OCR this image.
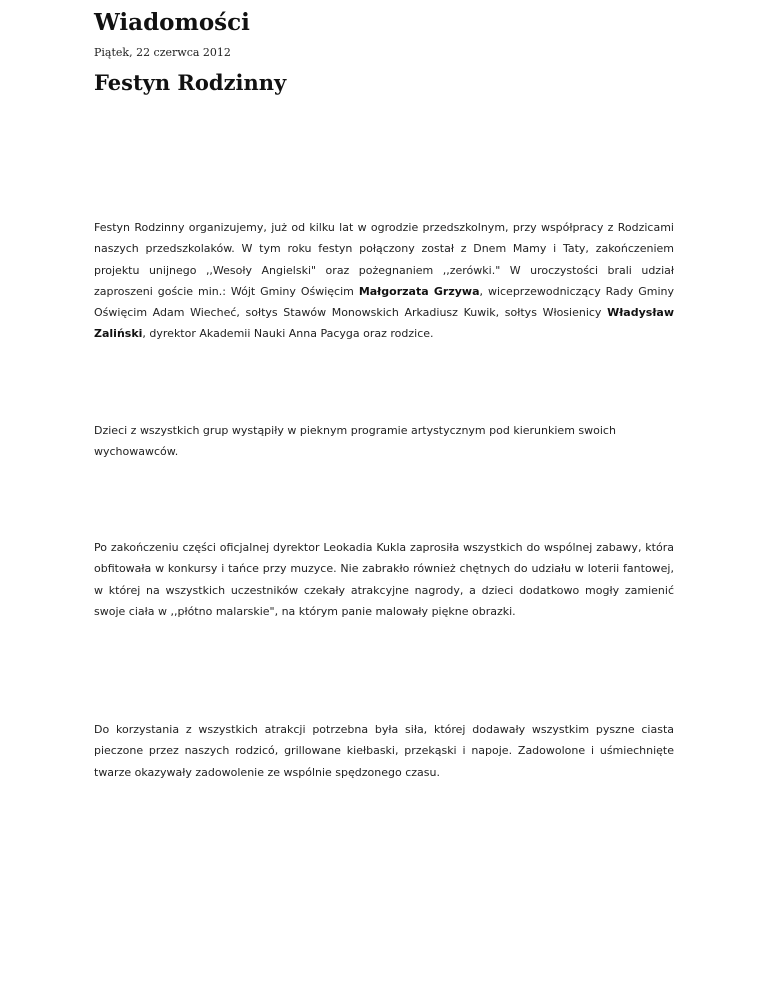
Wiadomości
Piątek, 22 czerwca 2012
Festyn Rodzinny

Festyn Rodzinny organizujemy, już od kilku lat w ogrodzie przedszkolnym, przy współpracy z Rodzicami naszych przedszkolaków. W tym roku festyn połączony został z Dnem Mamy i Taty, zakończeniem projektu unijnego ,,Wesoły Angielski" oraz pożegnaniem ,,zerówki." W uroczystości brali udział zaproszeni goście min.: Wójt Gminy Oświęcim Małgorzata Grzywa, wiceprzewodniczący Rady Gminy Oświęcim Adam Wiecheć, sołtys Stawów Monowskich Arkadiusz Kuwik, sołtys Włosienicy Władysław Zaliński, dyrektor Akademii Nauki Anna Pacyga oraz rodzice.

Dzieci z wszystkich grup wystąpiły w pieknym programie artystycznym pod kierunkiem swoich wychowawców.

Po zakończeniu części oficjalnej dyrektor Leokadia Kukla zaprosiła wszystkich do wspólnej zabawy, która obfitowała w konkursy i tańce przy muzyce. Nie zabrakło również chętnych do udziału w loterii fantowej, w której na wszystkich uczestników czekały atrakcyjne nagrody, a dzieci dodatkowo mogły zamienić swoje ciała w ,,płótno malarskie", na którym panie malowały piękne obrazki.

Do korzystania z wszystkich atrakcji potrzebna była siła, której dodawały wszystkim pyszne ciasta pieczone przez naszych rodzicó, grillowane kiełbaski, przekąski i napoje. Zadowolone i uśmiechnięte twarze okazywały zadowolenie ze wspólnie spędzonego czasu.
